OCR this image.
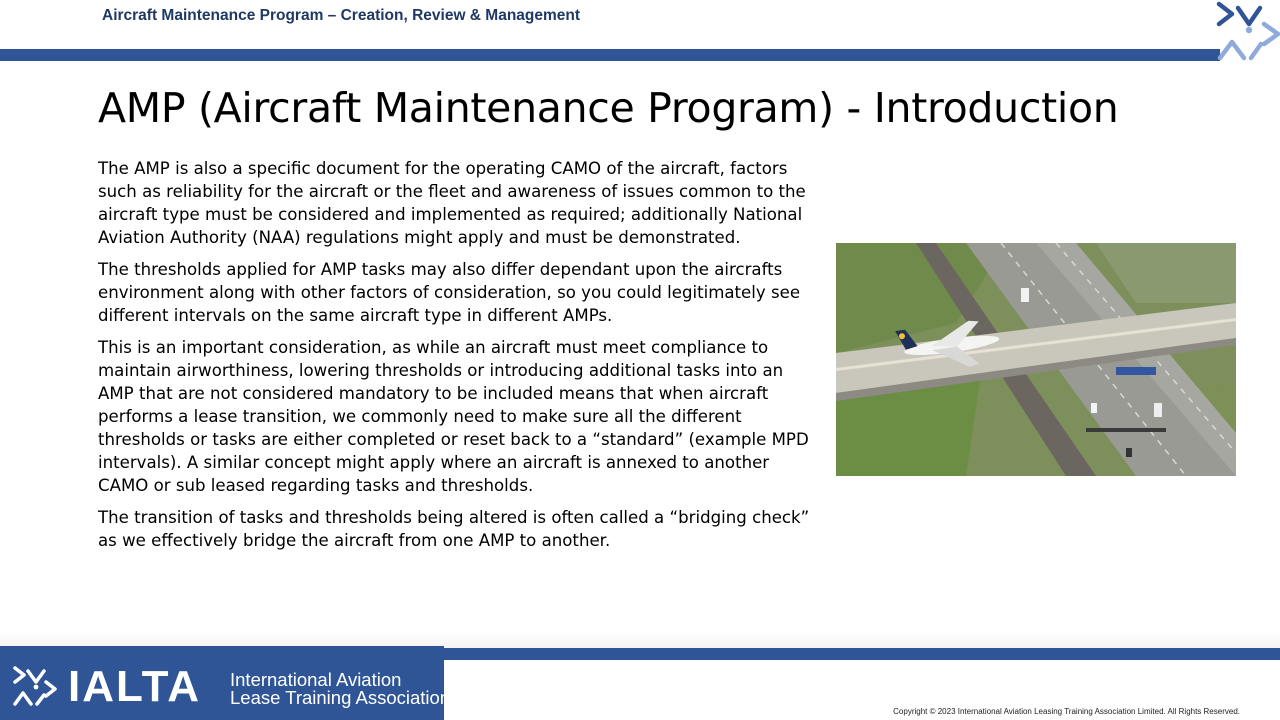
Aircraft Maintenance Program – Creation, Review & Management
AMP (Aircraft Maintenance Program) - Introduction

The AMP is also a specific document for the operating CAMO of the aircraft, factors such as reliability for the aircraft or the fleet and awareness of issues common to the aircraft type must be considered and implemented as required; additionally National Aviation Authority (NAA) regulations might apply and must be demonstrated.

The thresholds applied for AMP tasks may also differ dependant upon the aircrafts environment along with other factors of consideration, so you could legitimately see different intervals on the same aircraft type in different AMPs.

This is an important consideration, as while an aircraft must meet compliance to maintain airworthiness, lowering thresholds or introducing additional tasks into an AMP that are not considered mandatory to be included means that when aircraft performs a lease transition, we commonly need to make sure all the different thresholds or tasks are either completed or reset back to a “standard” (example MPD intervals). A similar concept might apply where an aircraft is annexed to another CAMO or sub leased regarding tasks and thresholds.

The transition of tasks and thresholds being altered is often called a “bridging check” as we effectively bridge the aircraft from one AMP to another.

IALTA International Aviation
Lease Training Association
Copyright © 2023 International Aviation Leasing Training Association Limited. All Rights Reserved.
